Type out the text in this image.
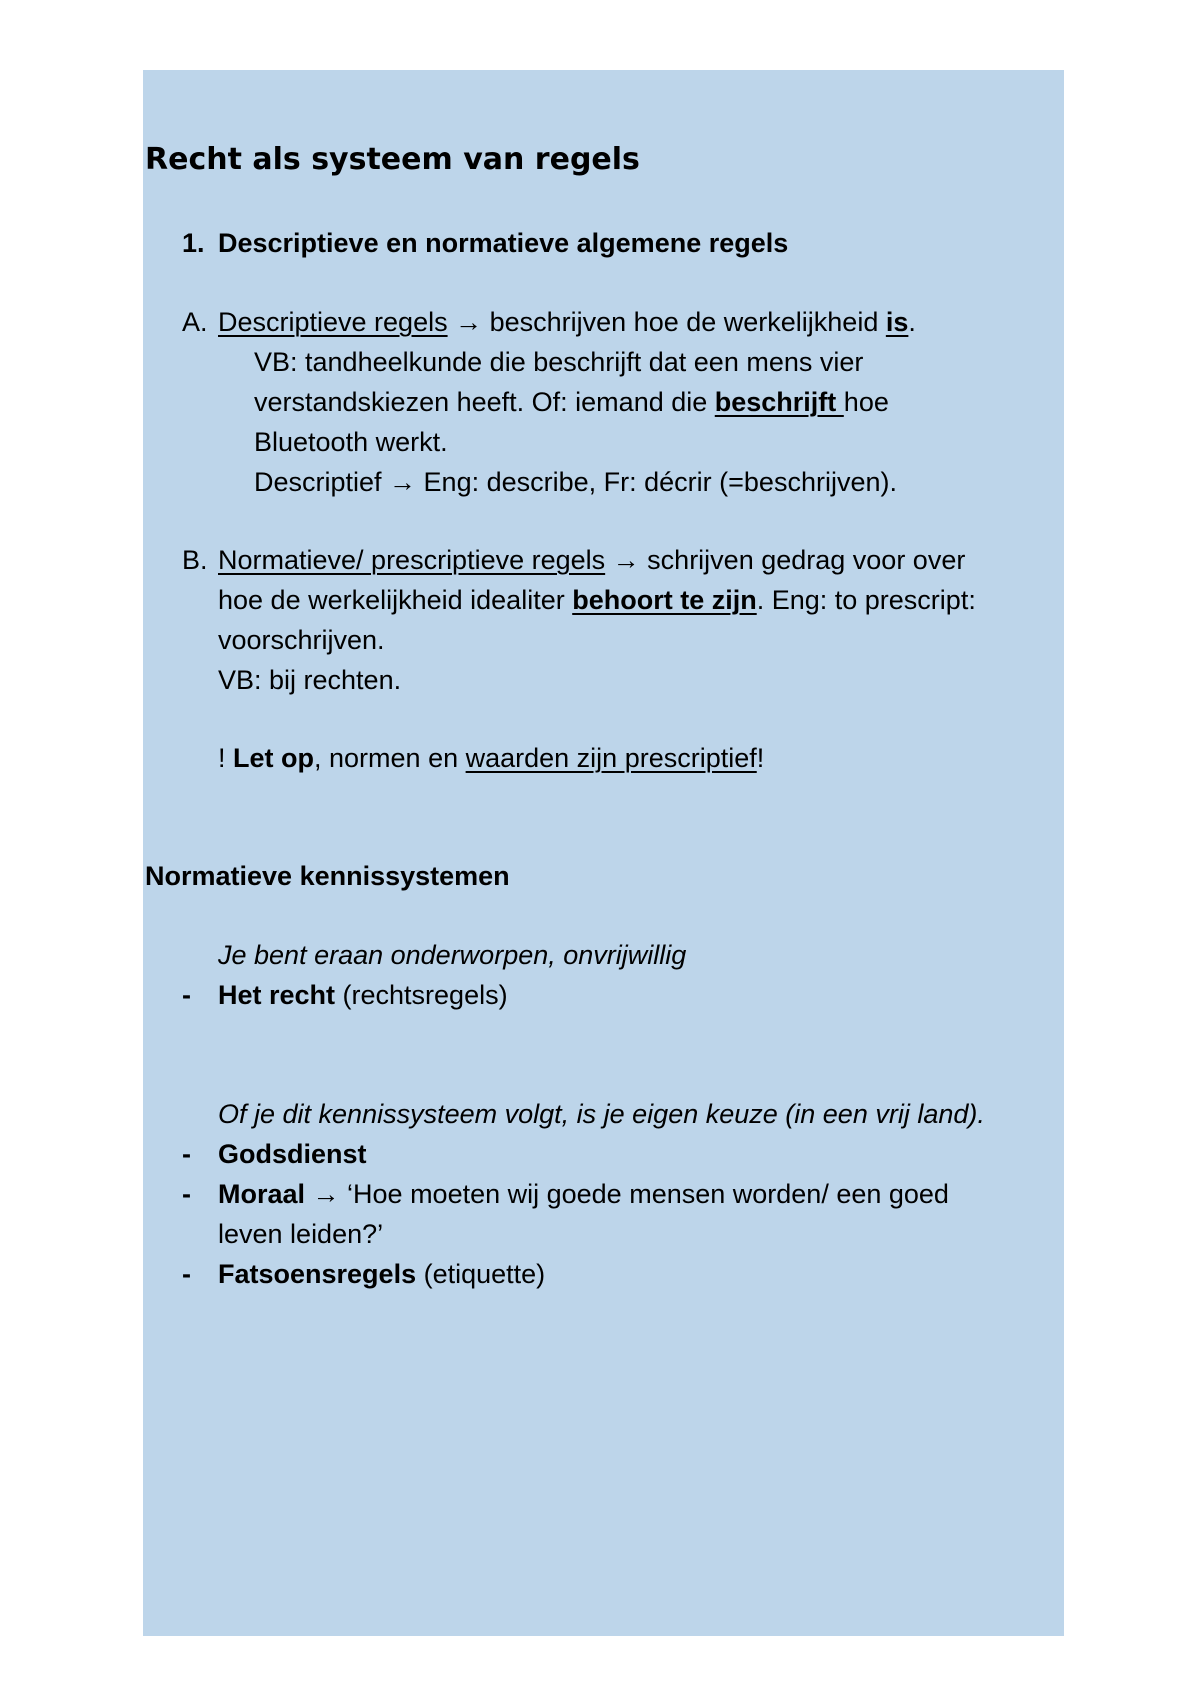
Recht als systeem van regels
1. Descriptieve en normatieve algemene regels
A. Descriptieve regels → beschrijven hoe de werkelijkheid is.
VB: tandheelkunde die beschrijft dat een mens vier
verstandskiezen heeft. Of: iemand die beschrijft hoe
Bluetooth werkt.
Descriptief → Eng: describe, Fr: décrir (=beschrijven).
B. Normatieve/ prescriptieve regels → schrijven gedrag voor over
hoe de werkelijkheid idealiter behoort te zijn. Eng: to prescript:
voorschrijven.
VB: bij rechten.
! Let op, normen en waarden zijn prescriptief!
Normatieve kennissystemen
Je bent eraan onderworpen, onvrijwillig
- Het recht (rechtsregels)
Of je dit kennissysteem volgt, is je eigen keuze (in een vrij land).
- Godsdienst
- Moraal → ‘Hoe moeten wij goede mensen worden/ een goed
leven leiden?’
- Fatsoensregels (etiquette)
